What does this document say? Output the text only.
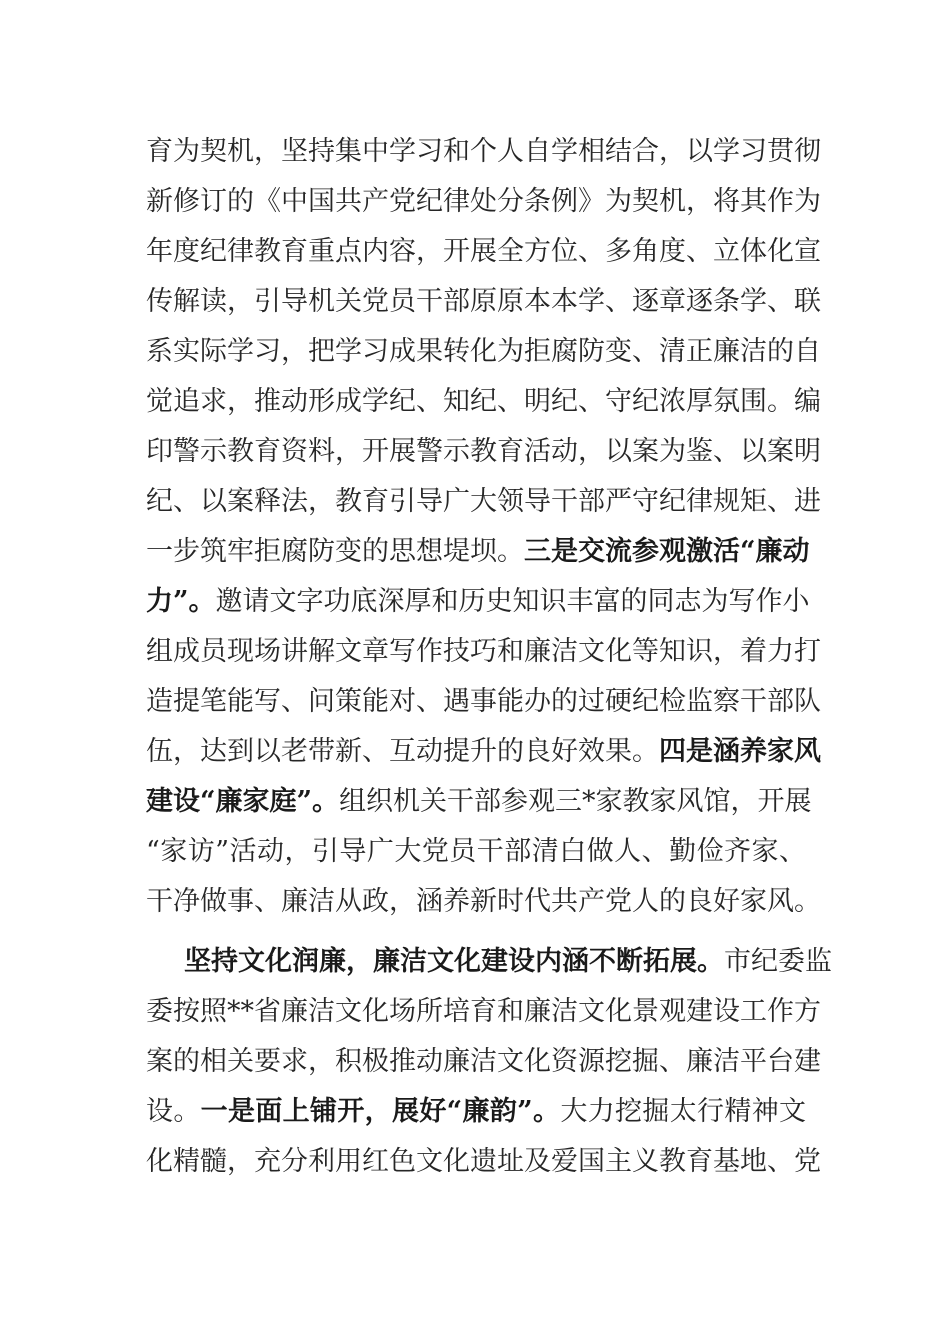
育为契机，坚持集中学习和个人自学相结合，以学习贯彻
新修订的《中国共产党纪律处分条例》为契机，将其作为
年度纪律教育重点内容，开展全方位、多角度、立体化宣
传解读，引导机关党员干部原原本本学、逐章逐条学、联
系实际学习，把学习成果转化为拒腐防变、清正廉洁的自
觉追求，推动形成学纪、知纪、明纪、守纪浓厚氛围。编
印警示教育资料，开展警示教育活动，以案为鉴、以案明
纪、以案释法，教育引导广大领导干部严守纪律规矩、进
一步筑牢拒腐防变的思想堤坝。三是交流参观激活“廉动
力”。邀请文字功底深厚和历史知识丰富的同志为写作小
组成员现场讲解文章写作技巧和廉洁文化等知识，着力打
造提笔能写、问策能对、遇事能办的过硬纪检监察干部队
伍，达到以老带新、互动提升的良好效果。四是涵养家风
建设“廉家庭”。组织机关干部参观三*家教家风馆，开展
“家访”活动，引导广大党员干部清白做人、勤俭齐家、
干净做事、廉洁从政，涵养新时代共产党人的良好家风。
坚持文化润廉，廉洁文化建设内涵不断拓展。市纪委监
委按照**省廉洁文化场所培育和廉洁文化景观建设工作方
案的相关要求，积极推动廉洁文化资源挖掘、廉洁平台建
设。一是面上铺开，展好“廉韵”。大力挖掘太行精神文
化精髓，充分利用红色文化遗址及爱国主义教育基地、党
